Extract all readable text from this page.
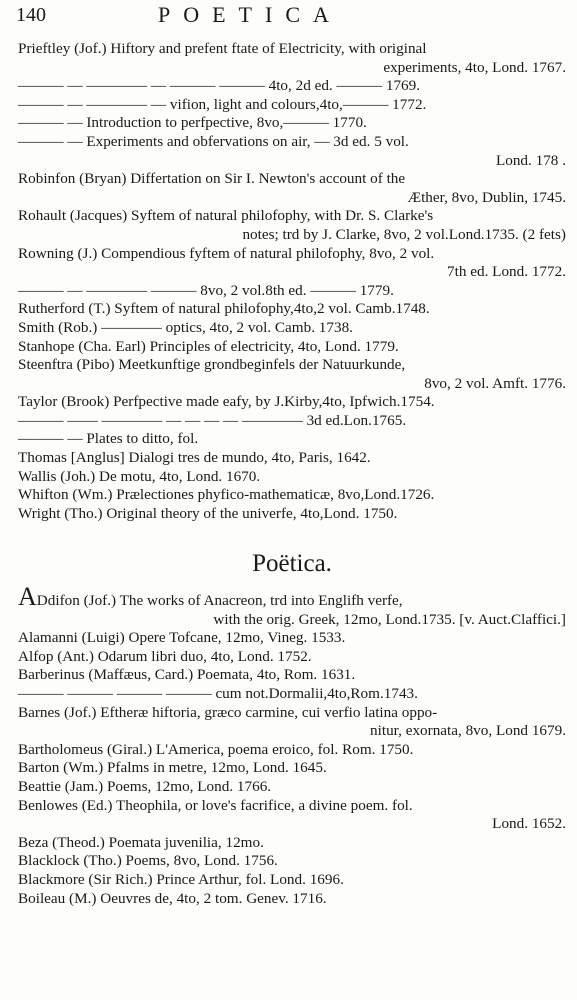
140	POETICA
Prieftley (Jof.) Hiftory and prefent ftate of Electricity, with original
experiments, 4to, Lond. 1767.
――― ― ―――― ― ――― ――― 4to, 2d ed. ――― 1769.
――― ― ―――― ― vifion, light and colours,4to,――― 1772.
――― ― Introduction to perfpective, 8vo,――― 1770.
――― ― Experiments and obfervations on air, ― 3d ed. 5 vol.
Lond. 178 .
Robinfon (Bryan) Differtation on Sir I. Newton's account of the
Æther, 8vo, Dublin, 1745.
Rohault (Jacques) Syftem of natural philofophy, with Dr. S. Clarke's
notes; trd by J. Clarke, 8vo, 2 vol.Lond.1735. (2 fets)
Rowning (J.) Compendious fyftem of natural philofophy, 8vo, 2 vol.
7th ed. Lond. 1772.
――― ― ―――― ――― 8vo, 2 vol.8th ed. ――― 1779.
Rutherford (T.) Syftem of natural philofophy,4to,2 vol. Camb.1748.
Smith (Rob.) ―――― optics, 4to, 2 vol. Camb. 1738.
Stanhope (Cha. Earl) Principles of electricity, 4to, Lond. 1779.
Steenftra (Pibo) Meetkunftige grondbeginfels der Natuurkunde,
8vo, 2 vol. Amft. 1776.
Taylor (Brook) Perfpective made eafy, by J.Kirby,4to, Ipfwich.1754.
――― ―― ―――― ― ― ― ― ―――― 3d ed.Lon.1765.
――― ― Plates to ditto, fol.
Thomas [Anglus] Dialogi tres de mundo, 4to, Paris, 1642.
Wallis (Joh.) De motu, 4to, Lond. 1670.
Whifton (Wm.) Prælectiones phyfico-mathematicæ, 8vo,Lond.1726.
Wright (Tho.) Original theory of the univerfe, 4to,Lond. 1750.
Poëtica.
ADdifon (Jof.) The works of Anacreon, trd into Englifh verfe,
with the orig. Greek, 12mo, Lond.1735. [v. Auct.Claffici.]
Alamanni (Luigi) Opere Tofcane, 12mo, Vineg. 1533.
Alfop (Ant.) Odarum libri duo, 4to, Lond. 1752.
Barberinus (Maffæus, Card.) Poemata, 4to, Rom. 1631.
――― ――― ――― ――― cum not.Dormalii,4to,Rom.1743.
Barnes (Jof.) Eftheræ hiftoria, græco carmine, cui verfio latina oppo-
nitur, exornata, 8vo, Lond 1679.
Bartholomeus (Giral.) L'America, poema eroico, fol. Rom. 1750.
Barton (Wm.) Pfalms in metre, 12mo, Lond. 1645.
Beattie (Jam.) Poems, 12mo, Lond. 1766.
Benlowes (Ed.) Theophila, or love's facrifice, a divine poem. fol.
Lond. 1652.
Beza (Theod.) Poemata juvenilia, 12mo.
Blacklock (Tho.) Poems, 8vo, Lond. 1756.
Blackmore (Sir Rich.) Prince Arthur, fol. Lond. 1696.
Boileau (M.) Oeuvres de, 4to, 2 tom. Genev. 1716.
